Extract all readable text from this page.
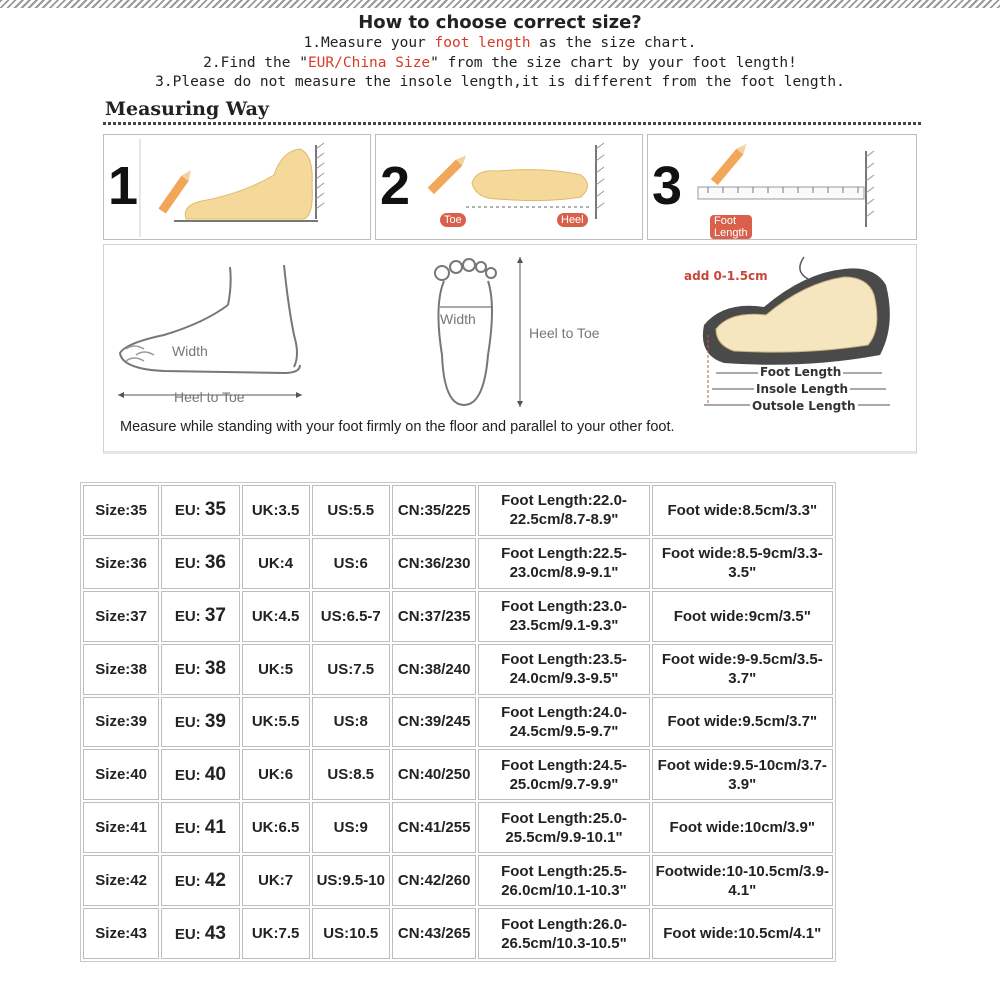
How to choose correct size?
1.Measure your foot length as the size chart.
2.Find the "EUR/China Size" from the size chart by your foot length!
3.Please do not measure the insole length,it is different from the foot length.
Measuring Way
1	2
Toe	Heel
3
Foot
Length
Width
Heel to Toe
Width
Heel to Toe
add 0-1.5cm
Foot Length
Insole Length
Outsole Length
Measure while standing with your foot firmly on the floor and parallel to your other foot.
Size:35	EU: 35	UK:3.5	US:5.5	CN:35/225	Foot Length:22.0-22.5cm/8.7-8.9"	Foot wide:8.5cm/3.3"
Size:36	EU: 36	UK:4	US:6	CN:36/230	Foot Length:22.5-23.0cm/8.9-9.1"	Foot wide:8.5-9cm/3.3-3.5"
Size:37	EU: 37	UK:4.5	US:6.5-7	CN:37/235	Foot Length:23.0-23.5cm/9.1-9.3"	Foot wide:9cm/3.5"
Size:38	EU: 38	UK:5	US:7.5	CN:38/240	Foot Length:23.5-24.0cm/9.3-9.5"	Foot wide:9-9.5cm/3.5-3.7"
Size:39	EU: 39	UK:5.5	US:8	CN:39/245	Foot Length:24.0-24.5cm/9.5-9.7"	Foot wide:9.5cm/3.7"
Size:40	EU: 40	UK:6	US:8.5	CN:40/250	Foot Length:24.5-25.0cm/9.7-9.9"	Foot wide:9.5-10cm/3.7-3.9"
Size:41	EU: 41	UK:6.5	US:9	CN:41/255	Foot Length:25.0-25.5cm/9.9-10.1"	Foot wide:10cm/3.9"
Size:42	EU: 42	UK:7	US:9.5-10	CN:42/260	Foot Length:25.5-26.0cm/10.1-10.3"	Footwide:10-10.5cm/3.9-4.1"
Size:43	EU: 43	UK:7.5	US:10.5	CN:43/265	Foot Length:26.0-26.5cm/10.3-10.5"	Foot wide:10.5cm/4.1"
